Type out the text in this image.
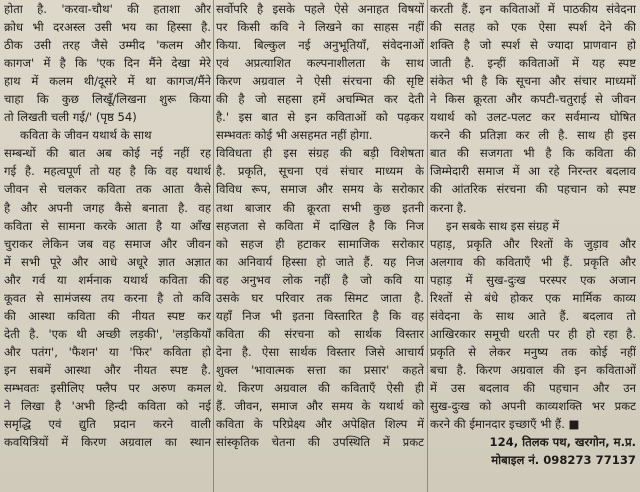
होता है. 'करवा-चौथ' की हताशा और
क्रोध भी दरअस्ल उसी भय का हिस्सा है.
ठीक उसी तरह जैसे उम्मीद 'कलम और
कागज' में है कि 'एक दिन मैंने देखा मेरे
हाथ में कलम थी/दूसरे में था कागज/मैंने
चाहा कि कुछ लिखूँ/लिखना शुरू किया
तो लिखती चली गई/' (पृष्ठ 54)
कविता के जीवन यथार्थ के साथ
सम्बन्धों की बात अब कोई नई नहीं रह
गई है. महत्वपूर्ण तो यह है कि वह यथार्थ
जीवन से चलकर कविता तक आता कैसे
है और अपनी जगह कैसे बनाता है. वह
कविता से सामना करके आता है या आँख
चुराकर लेकिन जब वह समाज और जीवन
में सभी पूरे और आधे अधूरे ज्ञात अज्ञात
और गर्व या शर्मनाक यथार्थ कविता की
कूवत से सामंजस्य तय करना है तो कवि
की आस्था कविता की नीयत स्पष्ट कर
देती है. 'एक थी अच्छी लड़की', 'लड़कियाँ
और पतंग', 'फैशन' या 'फिर' कविता हो
इन सबमें आस्था और नीयत स्पष्ट है.
सम्भवतः इसीलिए फ्लैप पर अरुण कमल
ने लिखा है 'अभी हिन्दी कविता को नई
समृद्धि एवं द्युति प्रदान करने वाली
कवयित्रियों में किरण अग्रवाल का स्थान
सर्वोपरि है इसके पहले ऐसे अनाहत विषयों
पर किसी कवि ने लिखने का साहस नहीं
किया. बिल्कुल नई अनुभूतियाँ, संवेदनाओं
एवं अप्रत्याशित कल्पनाशीलता के साथ
किरण अग्रवाल ने ऐसी संरचना की सृष्टि
की है जो सहसा हमें अचम्भित कर देती
है.' इस बात से इन कविताओं को पढ़कर
सम्भवतः कोई भी असहमत नहीं होगा.
विविधता ही इस संग्रह की बड़ी विशेषता
है. प्रकृति, सूचना एवं संचार माध्यम के
विविध रूप, समाज और समय के सरोकार
तथा बाजार की क्रूरता सभी कुछ इतनी
सहजता से कविता में दाखिल है कि निज
को सहज ही हटाकर सामाजिक सरोकार
का अनिवार्य हिस्सा हो जाते हैं. यह निज
वह अनुभव लोक नहीं है जो कवि या
उसके घर परिवार तक सिमट जाता है.
यहाँ निज भी इतना विस्तारित है कि वह
कविता की संरचना को सार्थक विस्तार
देना है. ऐसा सार्थक विस्तार जिसे आचार्य
शुक्ल 'भावात्मक सत्ता का प्रसार' कहते
थे. किरण अग्रवाल की कविताएँ ऐसी ही
हैं. जीवन, समाज और समय के यथार्थ को
कविता के परिप्रेक्ष्य और अपेक्षित शिल्प में
सांस्कृतिक चेतना की उपस्थिति में प्रकट
करती हैं. इन कविताओं में पाठकीय संवेदना
की सतह को एक ऐसा स्पर्श देने की
शक्ति है जो स्पर्श से ज्यादा प्राणवान हो
जाती है. इन्हीं कविताओं में यह स्पष्ट
संकेत भी है कि सूचना और संचार माध्यमों
ने किस क्रूरता और कपटी-चतुराई से जीवन
यथार्थ को उलट-पलट कर सर्वमान्य घोषित
करने की प्रतिज्ञा कर ली है. साथ ही इस
बात की सजगता भी है कि कविता की
जिम्मेदारी समाज में आ रहे निरन्तर बदलाव
की आंतरिक संरचना की पहचान को स्पष्ट
करना है.
इन सबके साथ इस संग्रह में
पहाड़, प्रकृति और रिश्तों के जुड़ाव और
अलगाव की कविताएँ भी हैं. प्रकृति और
पहाड़ में सुख-दुःख परस्पर एक अजान
रिश्तों से बंधे होकर एक मार्मिक काव्य
संवेदना के साथ आते हैं. बदलाव तो
आखिरकार समूची धरती पर ही हो रहा है.
प्रकृति से लेकर मनुष्य तक कोई नहीं
बचा है. किरण अग्रवाल की इन कविताओं
में उस बदलाव की पहचान और उन
सुख-दुःख को अपनी काव्यशक्ति भर प्रकट
करने की ईमानदार इच्छाएँ भी हैं. ■
124, तिलक पथ, खरगोन, म.प्र.
मोबाइल नं. 098273 77137
